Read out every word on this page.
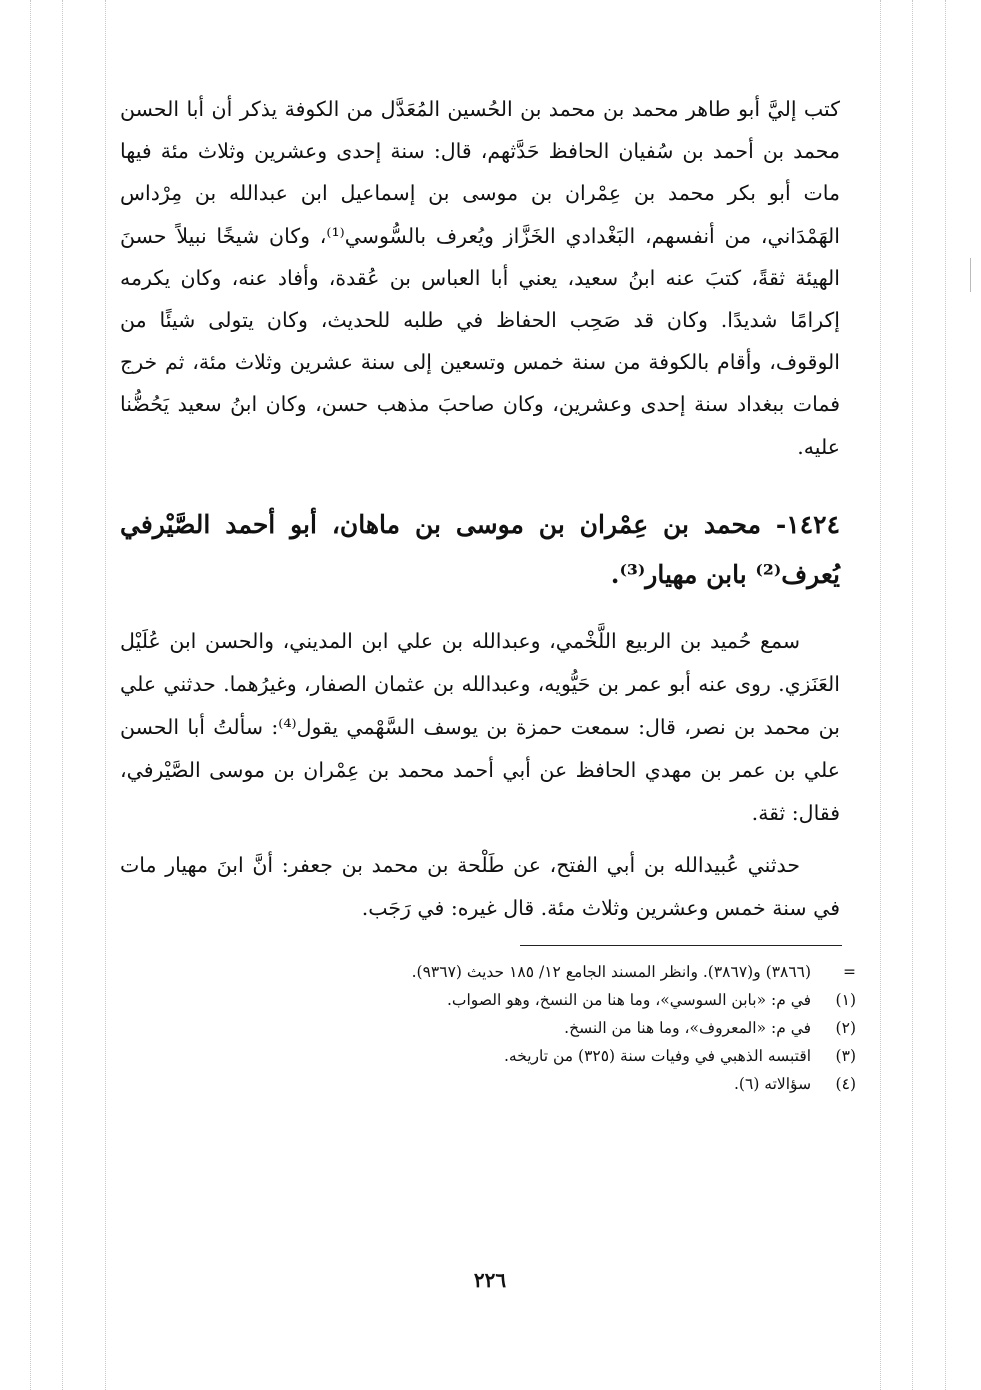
كتب إليَّ أبو طاهر محمد بن محمد بن الحُسين المُعَدَّل من الكوفة يذكر أن أبا الحسن محمد بن أحمد بن سُفيان الحافظ حَدَّثهم، قال: سنة إحدى وعشرين وثلاث مئة فيها مات أبو بكر محمد بن عِمْران بن موسى بن إسماعيل ابن عبدالله بن مِرْداس الهَمْدَاني، من أنفسهم، البَغْدادي الخَزَّاز ويُعرف بالسُّوسي⁽¹⁾، وكان شيخًا نبيلاً حسنَ الهيئة ثقةً، كتبَ عنه ابنُ سعيد، يعني أبا العباس بن عُقدة، وأفاد عنه، وكان يكرمه إكرامًا شديدًا. وكان قد صَحِب الحفاظ في طلبه للحديث، وكان يتولى شيئًا من الوقوف، وأقام بالكوفة من سنة خمس وتسعين إلى سنة عشرين وثلاث مئة، ثم خرج فمات ببغداد سنة إحدى وعشرين، وكان صاحبَ مذهب حسن، وكان ابنُ سعيد يَحُضُّنا عليه.

١٤٢٤- محمد بن عِمْران بن موسى بن ماهان، أبو أحمد الصَّيْرفي يُعرف⁽²⁾ بابن مهيار⁽³⁾.

سمع حُميد بن الربيع اللَّخْمي، وعبدالله بن علي ابن المديني، والحسن ابن عُلَيْل العَنَزي. روى عنه أبو عمر بن حَيُّويه، وعبدالله بن عثمان الصفار، وغيرُهما. حدثني علي بن محمد بن نصر، قال: سمعت حمزة بن يوسف السَّهْمي يقول⁽⁴⁾: سألتُ أبا الحسن علي بن عمر بن مهدي الحافظ عن أبي أحمد محمد بن عِمْران بن موسى الصَّيْرفي، فقال: ثقة.

حدثني عُبيدالله بن أبي الفتح، عن طَلْحة بن محمد بن جعفر: أنَّ ابنَ مهيار مات في سنة خمس وعشرين وثلاث مئة. قال غيره: في رَجَب.

= (٣٨٦٦) و(٣٨٦٧). وانظر المسند الجامع ١٢/ ١٨٥ حديث (٩٣٦٧).
(١) في م: «بابن السوسي»، وما هنا من النسخ، وهو الصواب.
(٢) في م: «المعروف»، وما هنا من النسخ.
(٣) اقتبسه الذهبي في وفيات سنة (٣٢٥) من تاريخه.
(٤) سؤالاته (٦).
٢٢٦
